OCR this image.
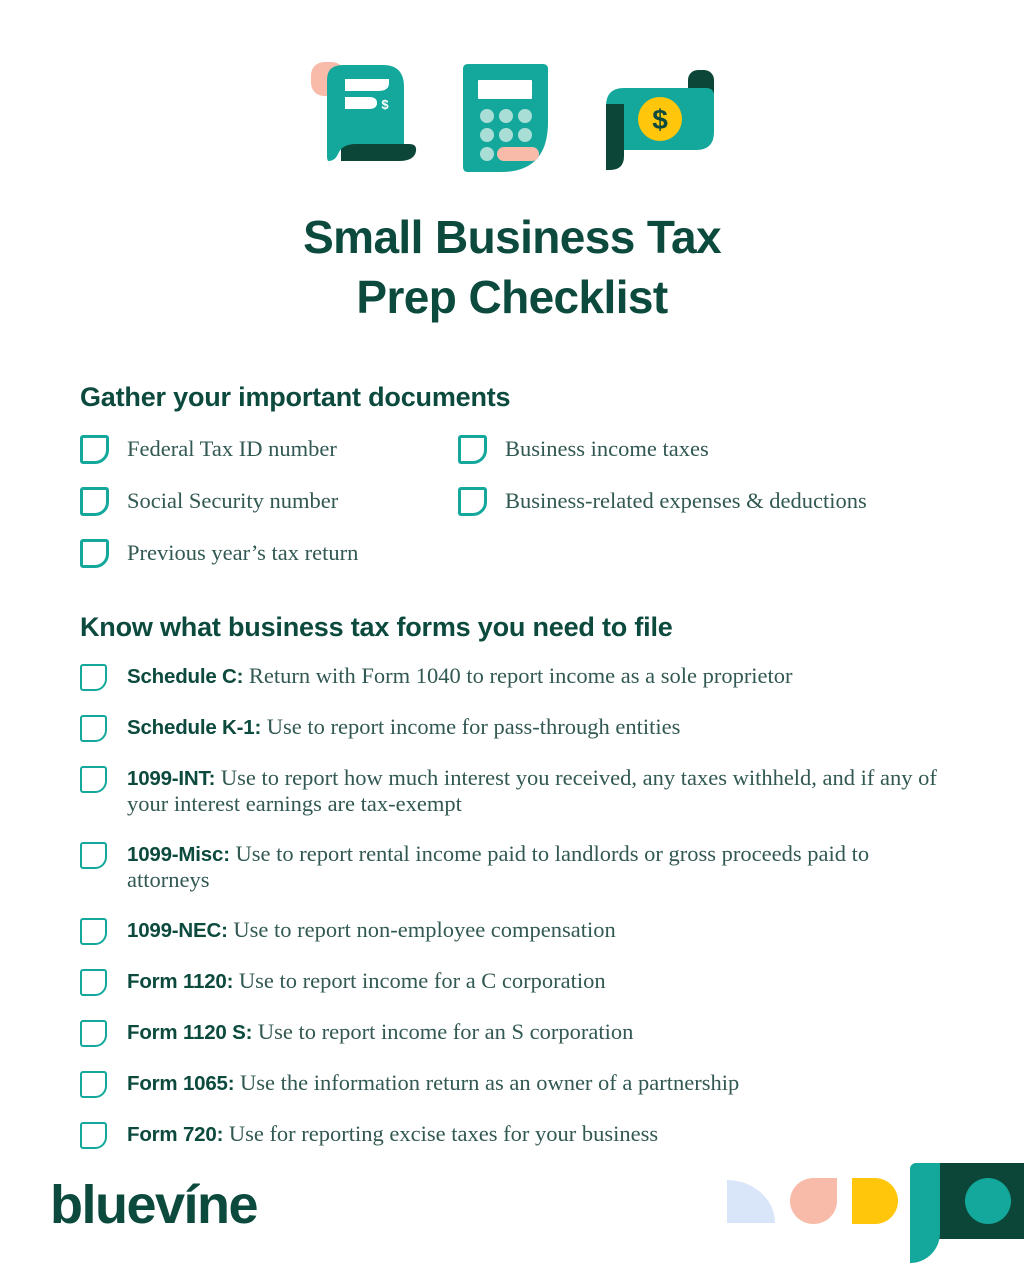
$	$
Small Business Tax
Prep Checklist
Gather your important documents
Federal Tax ID number
Social Security number
Previous year’s tax return
Business income taxes
Business-related expenses & deductions
Know what business tax forms you need to file
Schedule C : Return with Form 1040 to report income as a sole proprietor
Schedule K-1 : Use to report income for pass-through entities
1099-INT : Use to report how much interest you received, any taxes withheld, and if any of your interest earnings are tax-exempt
1099-Misc : Use to report rental income paid to landlords or gross proceeds paid to attorneys
1099-NEC : Use to report non-employee compensation
Form 1120 : Use to report income for a C corporation
Form 1120 S : Use to report income for an S corporation
Form 1065 : Use the information return as an owner of a partnership
Form 720 : Use for reporting excise taxes for your business
bluevíne
